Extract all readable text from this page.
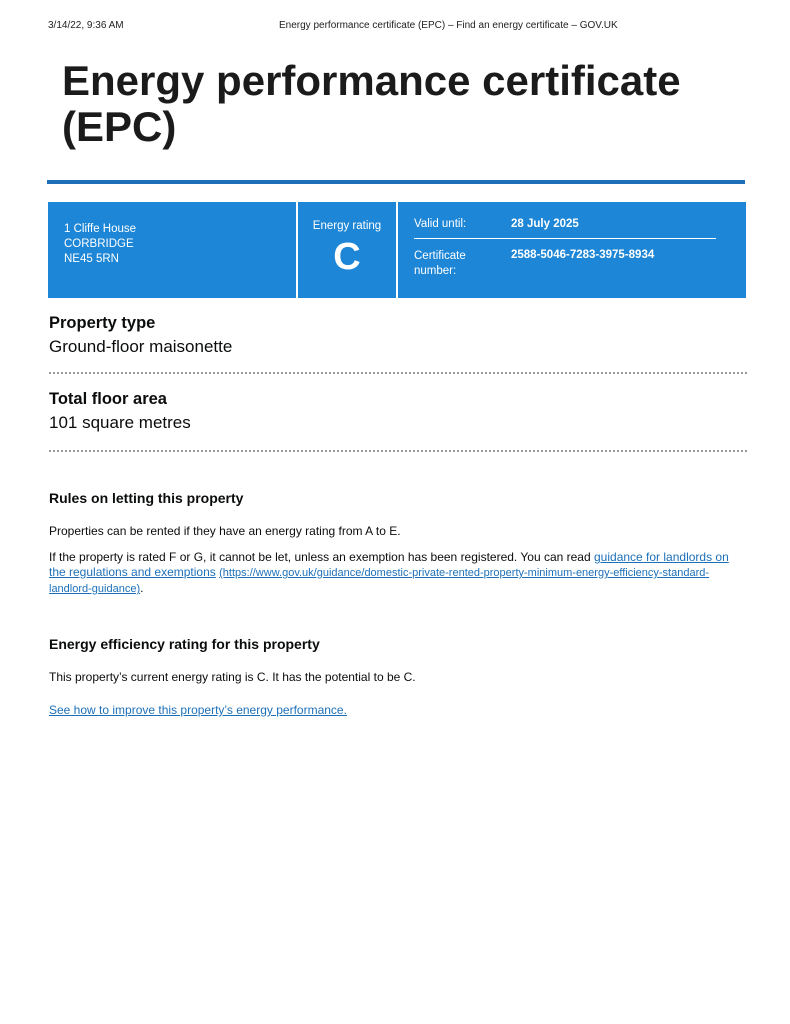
3/14/22, 9:36 AM	Energy performance certificate (EPC) – Find an energy certificate – GOV.UK
Energy performance certificate (EPC)
1 Cliffe House
CORBRIDGE
NE45 5RN
Energy rating
C
Valid until:	28 July 2025
Certificate
number:
2588-5046-7283-3975-8934

Property type

Ground-floor maisonette

Total floor area

101 square metres

Rules on letting this property

Properties can be rented if they have an energy rating from A to E.

If the property is rated F or G, it cannot be let, unless an exemption has been registered. You can read guidance for landlords on the regulations and exemptions (https://www.gov.uk/guidance/domestic-private-rented-property-minimum-energy-efficiency-standard-landlord-guidance).

Energy efficiency rating for this property

This property’s current energy rating is C. It has the potential to be C.

See how to improve this property’s energy performance.
